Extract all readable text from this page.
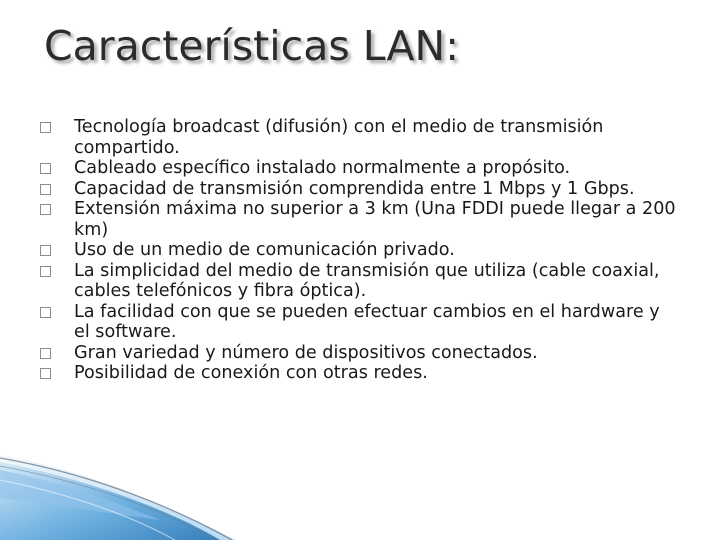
Características LAN:
Tecnología broadcast (difusión) con el medio de transmisión compartido.
Cableado específico instalado normalmente a propósito.
Capacidad de transmisión comprendida entre 1 Mbps y 1 Gbps.
Extensión máxima no superior a 3 km (Una FDDI puede llegar a 200 km)
Uso de un medio de comunicación privado.
La simplicidad del medio de transmisión que utiliza (cable coaxial, cables telefónicos y fibra óptica).
La facilidad con que se pueden efectuar cambios en el hardware y el software.
Gran variedad y número de dispositivos conectados.
Posibilidad de conexión con otras redes.
